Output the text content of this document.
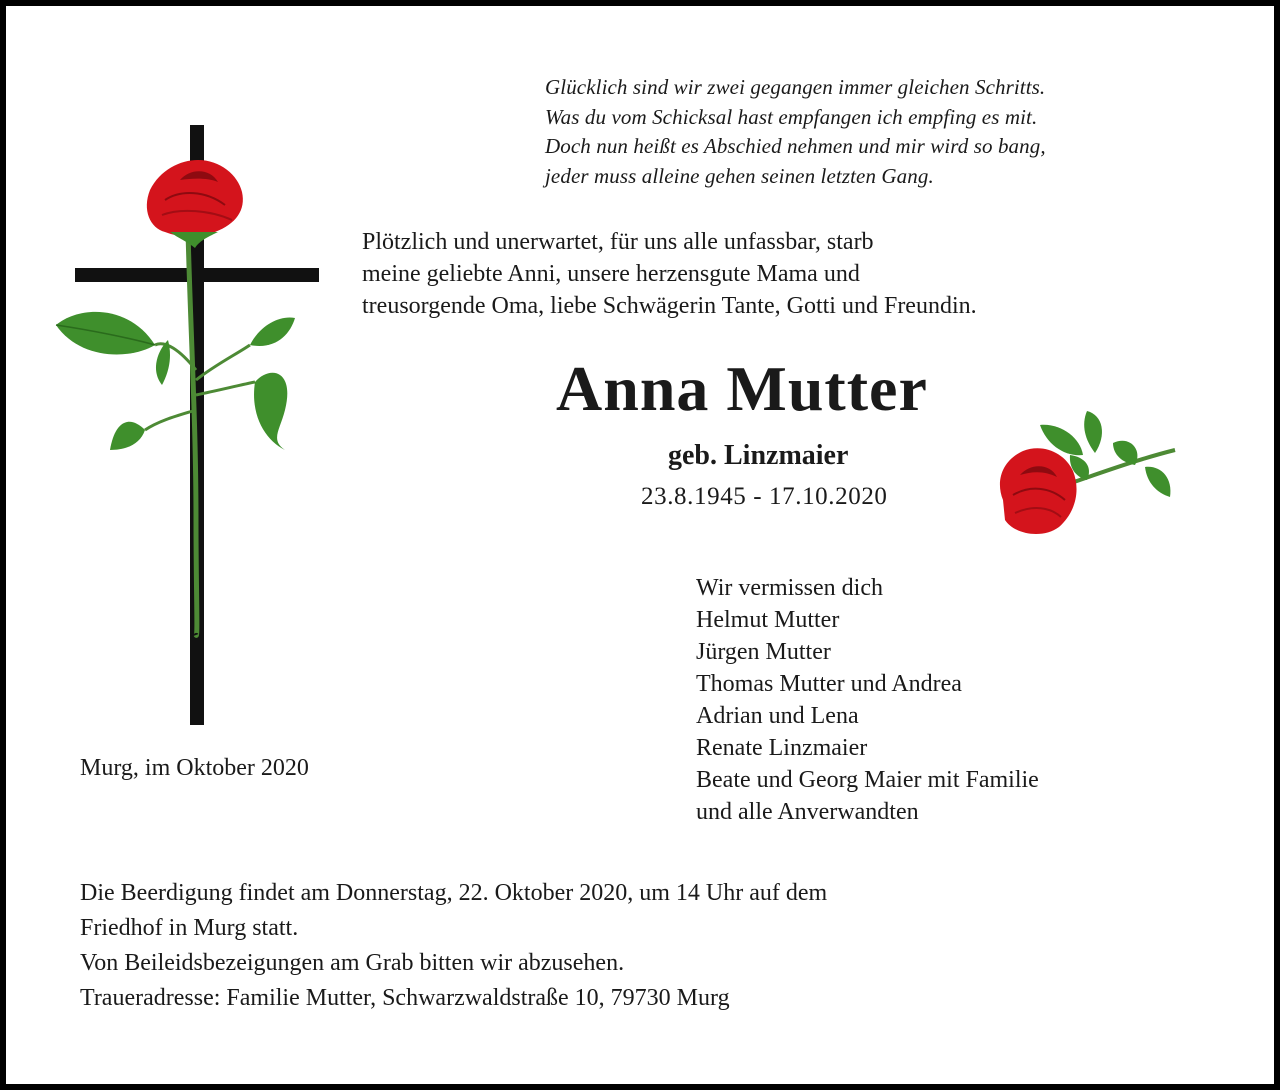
Glücklich sind wir zwei gegangen immer gleichen Schritts.
Was du vom Schicksal hast empfangen ich empfing es mit.
Doch nun heißt es Abschied nehmen und mir wird so bang,
jeder muss alleine gehen seinen letzten Gang.
Plötzlich und unerwartet, für uns alle unfassbar, starb
meine geliebte Anni, unsere herzensgute Mama und
treusorgende Oma, liebe Schwägerin Tante, Gotti und Freundin.
Anna Mutter
geb. Linzmaier
23.8.1945 - 17.10.2020
Murg, im Oktober 2020
Wir vermissen dich
Helmut Mutter
Jürgen Mutter
Thomas Mutter und Andrea
Adrian und Lena
Renate Linzmaier
Beate und Georg Maier mit Familie
und alle Anverwandten
Die Beerdigung findet am Donnerstag, 22. Oktober 2020, um 14 Uhr auf dem
Friedhof in Murg statt.
Von Beileidsbezeigungen am Grab bitten wir abzusehen.
Traueradresse: Familie Mutter, Schwarzwaldstraße 10, 79730 Murg
